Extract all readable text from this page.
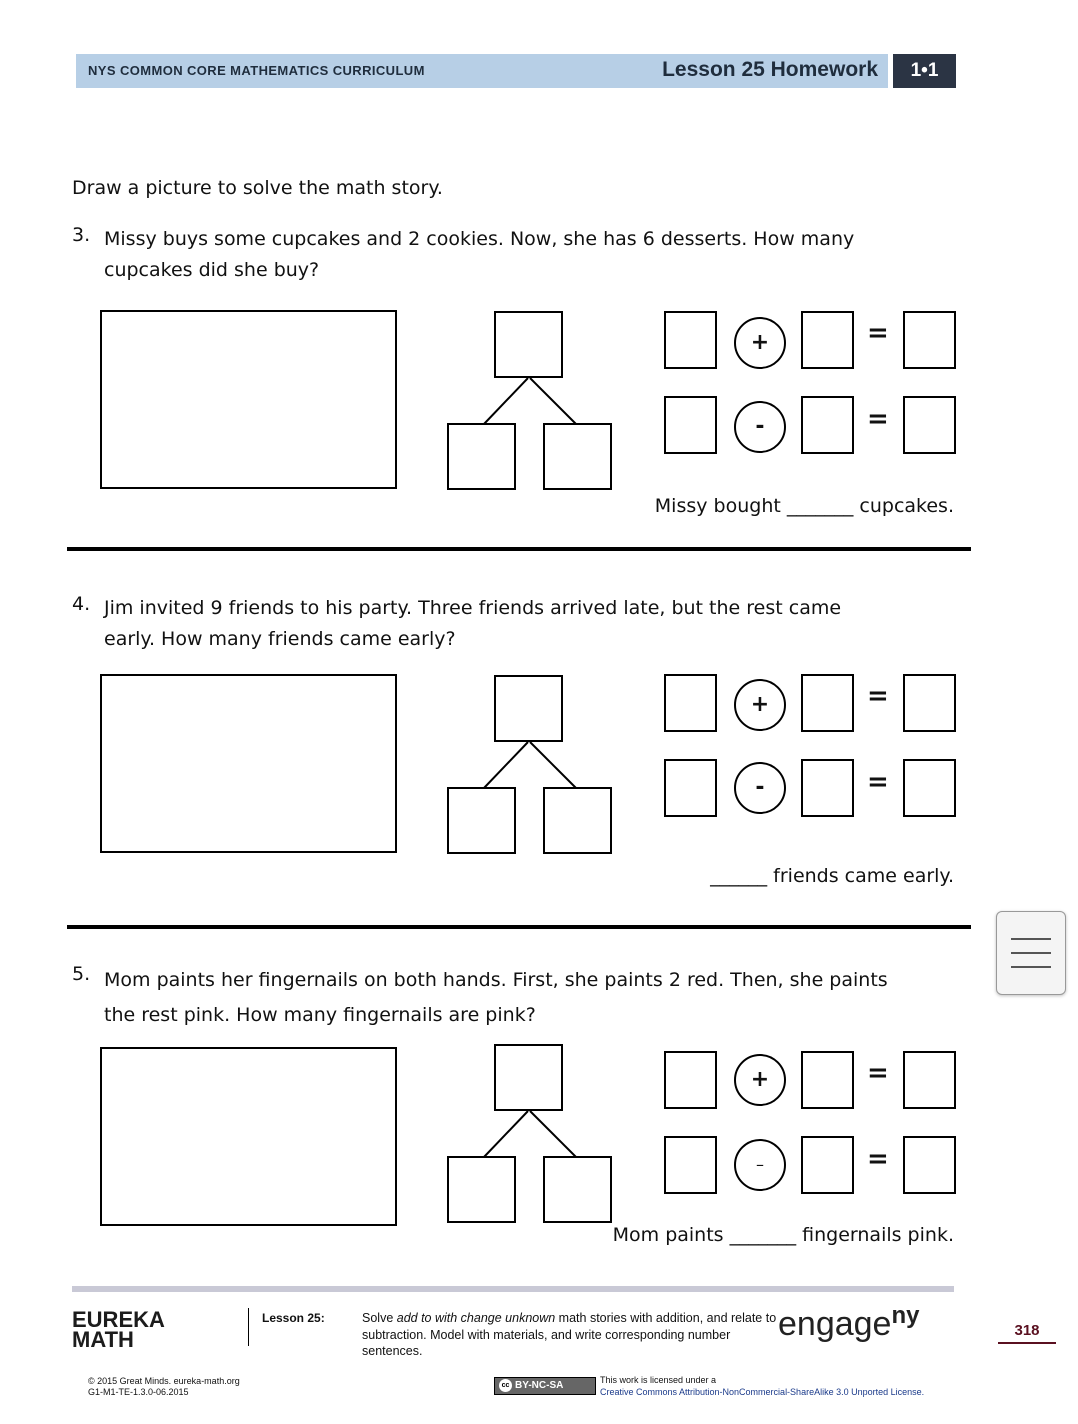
NYS COMMON CORE MATHEMATICS CURRICULUM	Lesson 25 Homework	1•1
Draw a picture to solve the math story.
3. Missy buys some cupcakes and 2 cookies. Now, she has 6 desserts. How many
cupcakes did she buy?
+	=
-	=
Missy bought _______ cupcakes.
4. Jim invited 9 friends to his party. Three friends arrived late, but the rest came
early. How many friends came early?
+	=
-	=
______ friends came early.
5. Mom paints her fingernails on both hands. First, she paints 2 red. Then, she paints
the rest pink. How many fingernails are pink?
+	=
–	=
Mom paints _______ fingernails pink.
EUREKA
MATH
Lesson 25:	Solve add to with change unknown math stories with addition, and relate to subtraction. Model with materials, and write corresponding number sentences.
engage$^{ny}$
318
© 2015 Great Minds. eureka-math.org
G1-M1-TE-1.3.0-06.2015
cc BY-NC-SA	This work is licensed under a
Creative Commons Attribution-NonCommercial-ShareAlike 3.0 Unported License.
